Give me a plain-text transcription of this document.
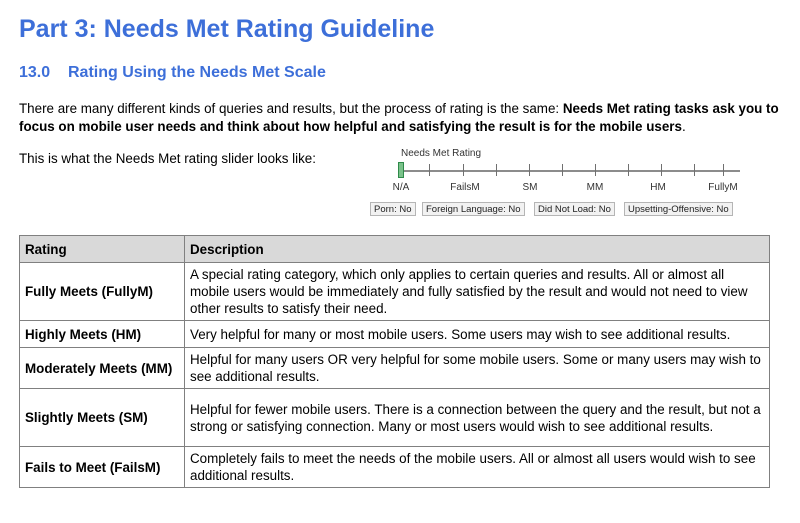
Part 3: Needs Met Rating Guideline
13.0 Rating Using the Needs Met Scale
There are many different kinds of queries and results, but the process of rating is the same: Needs Met rating tasks ask you to focus on mobile user needs and think about how helpful and satisfying the result is for the mobile users.
This is what the Needs Met rating slider looks like:	Needs Met Rating
N/A	FailsM	SM	MM	HM	FullyM
Porn: No	Foreign Language: No	Did Not Load: No	Upsetting-Offensive: No
Rating	Description
Fully Meets (FullyM)	A special rating category, which only applies to certain queries and results. All or almost all mobile users would be immediately and fully satisfied by the result and would not need to view other results to satisfy their need.
Highly Meets (HM)	Very helpful for many or most mobile users. Some users may wish to see additional results.
Moderately Meets (MM)	Helpful for many users OR very helpful for some mobile users. Some or many users may wish to see additional results.
Slightly Meets (SM)	Helpful for fewer mobile users. There is a connection between the query and the result, but not a strong or satisfying connection. Many or most users would wish to see additional results.
Fails to Meet (FailsM)	Completely fails to meet the needs of the mobile users. All or almost all users would wish to see additional results.
